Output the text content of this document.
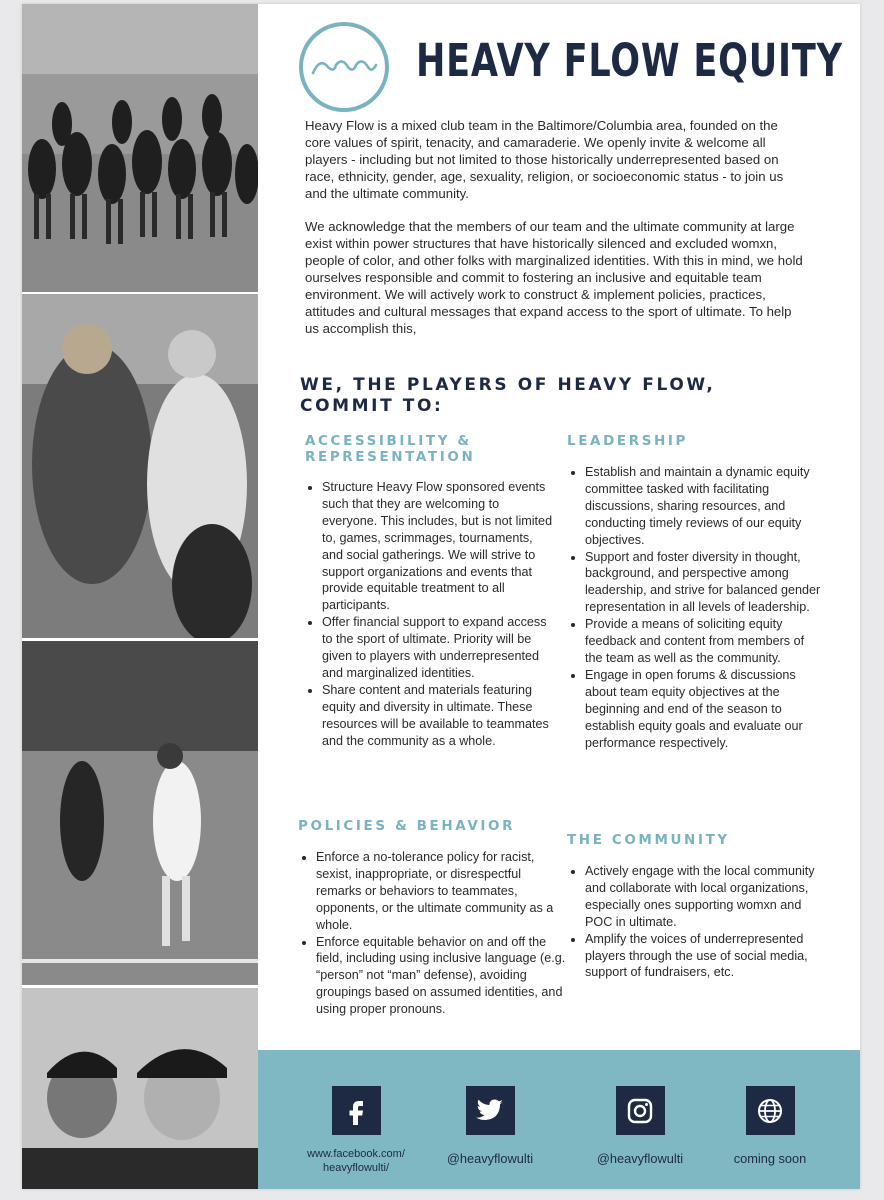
HEAVY FLOW EQUITY

Heavy Flow is a mixed club team in the Baltimore/Columbia area, founded on the core values of spirit, tenacity, and camaraderie. We openly invite & welcome all players - including but not limited to those historically underrepresented based on race, ethnicity, gender, age, sexuality, religion, or socioeconomic status - to join us and the ultimate community.

We acknowledge that the members of our team and the ultimate community at large exist within power structures that have historically silenced and excluded womxn, people of color, and other folks with marginalized identities. With this in mind, we hold ourselves responsible and commit to fostering an inclusive and equitable team environment. We will actively work to construct & implement policies, practices, attitudes and cultural messages that expand access to the sport of ultimate. To help us accomplish this,

WE, THE PLAYERS OF HEAVY FLOW,
COMMIT TO:
ACCESSIBILITY &
REPRESENTATION
• Structure Heavy Flow sponsored events such that they are welcoming to everyone. This includes, but is not limited to, games, scrimmages, tournaments, and social gatherings. We will strive to support organizations and events that provide equitable treatment to all participants.
• Offer financial support to expand access to the sport of ultimate. Priority will be given to players with underrepresented and marginalized identities.
• Share content and materials featuring equity and diversity in ultimate. These resources will be available to teammates and the community as a whole.
POLICIES & BEHAVIOR
• Enforce a no-tolerance policy for racist, sexist, inappropriate, or disrespectful remarks or behaviors to teammates, opponents, or the ultimate community as a whole.
• Enforce equitable behavior on and off the field, including using inclusive language (e.g. “person” not “man” defense), avoiding groupings based on assumed identities, and using proper pronouns.
LEADERSHIP
• Establish and maintain a dynamic equity committee tasked with facilitating discussions, sharing resources, and conducting timely reviews of our equity objectives.
• Support and foster diversity in thought, background, and perspective among leadership, and strive for balanced gender representation in all levels of leadership.
• Provide a means of soliciting equity feedback and content from members of the team as well as the community.
• Engage in open forums & discussions about team equity objectives at the beginning and end of the season to establish equity goals and evaluate our performance respectively.
THE COMMUNITY
• Actively engage with the local community and collaborate with local organizations, especially ones supporting womxn and POC in ultimate.
• Amplify the voices of underrepresented players through the use of social media, support of fundraisers, etc.
www.facebook.com/
heavyflowulti/
@heavyflowulti	@heavyflowulti	coming soon
